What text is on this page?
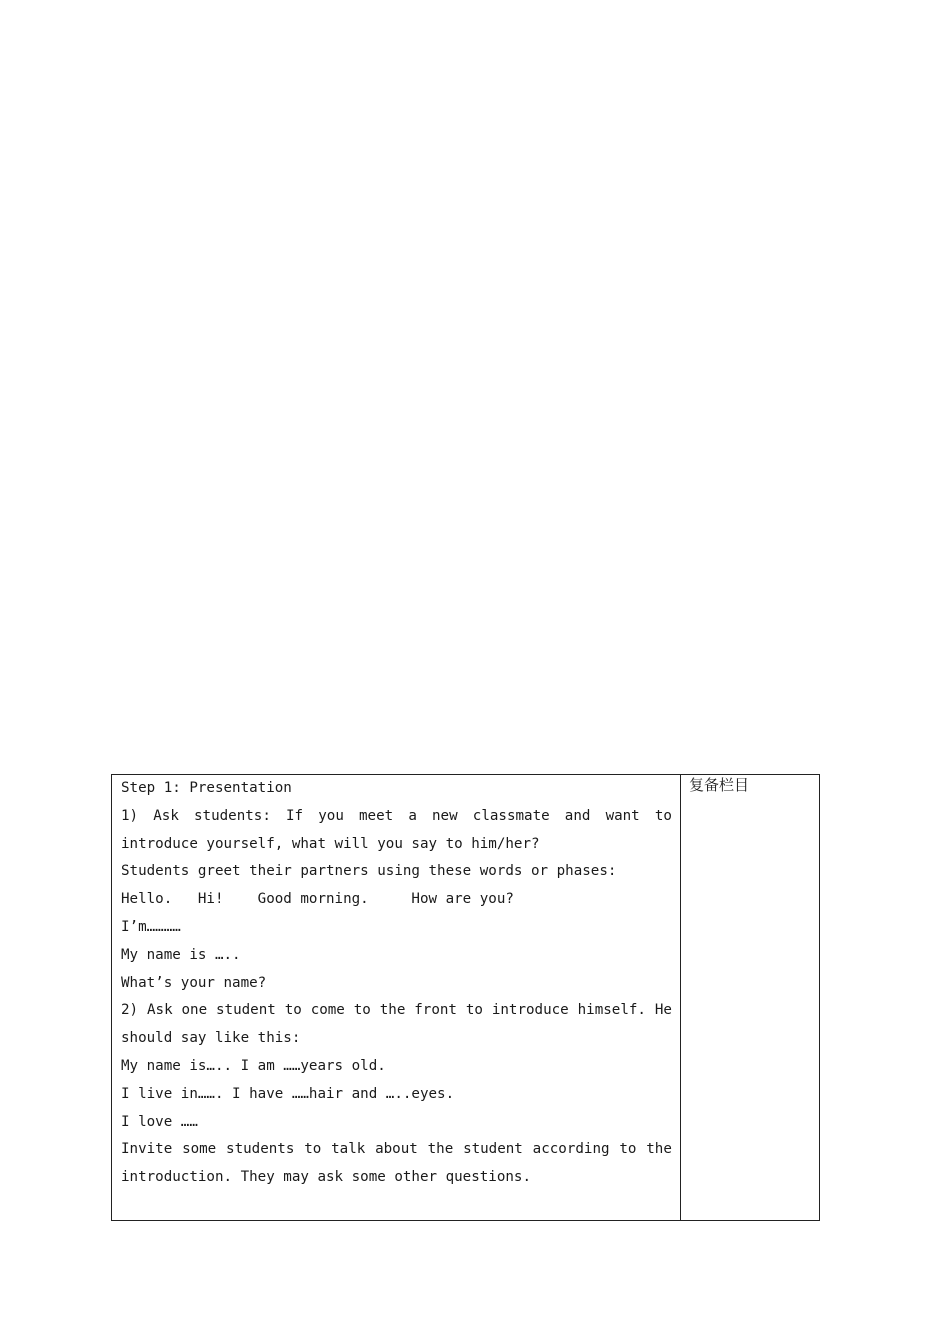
Step 1: Presentation
1) Ask students: If you meet a new classmate and want to
introduce yourself, what will you say to him/her?
Students greet their partners using these words or phases:
Hello.   Hi!    Good morning.     How are you?
I’m…………
My name is …..
What’s your name?
2) Ask one student to come to the front to introduce himself. He
should say like this:
My name is….. I am ……years old.
I live in……. I have ……hair and …..eyes.
I love ……
Invite some students to talk about the student according to the
introduction. They may ask some other questions.
复备栏目
